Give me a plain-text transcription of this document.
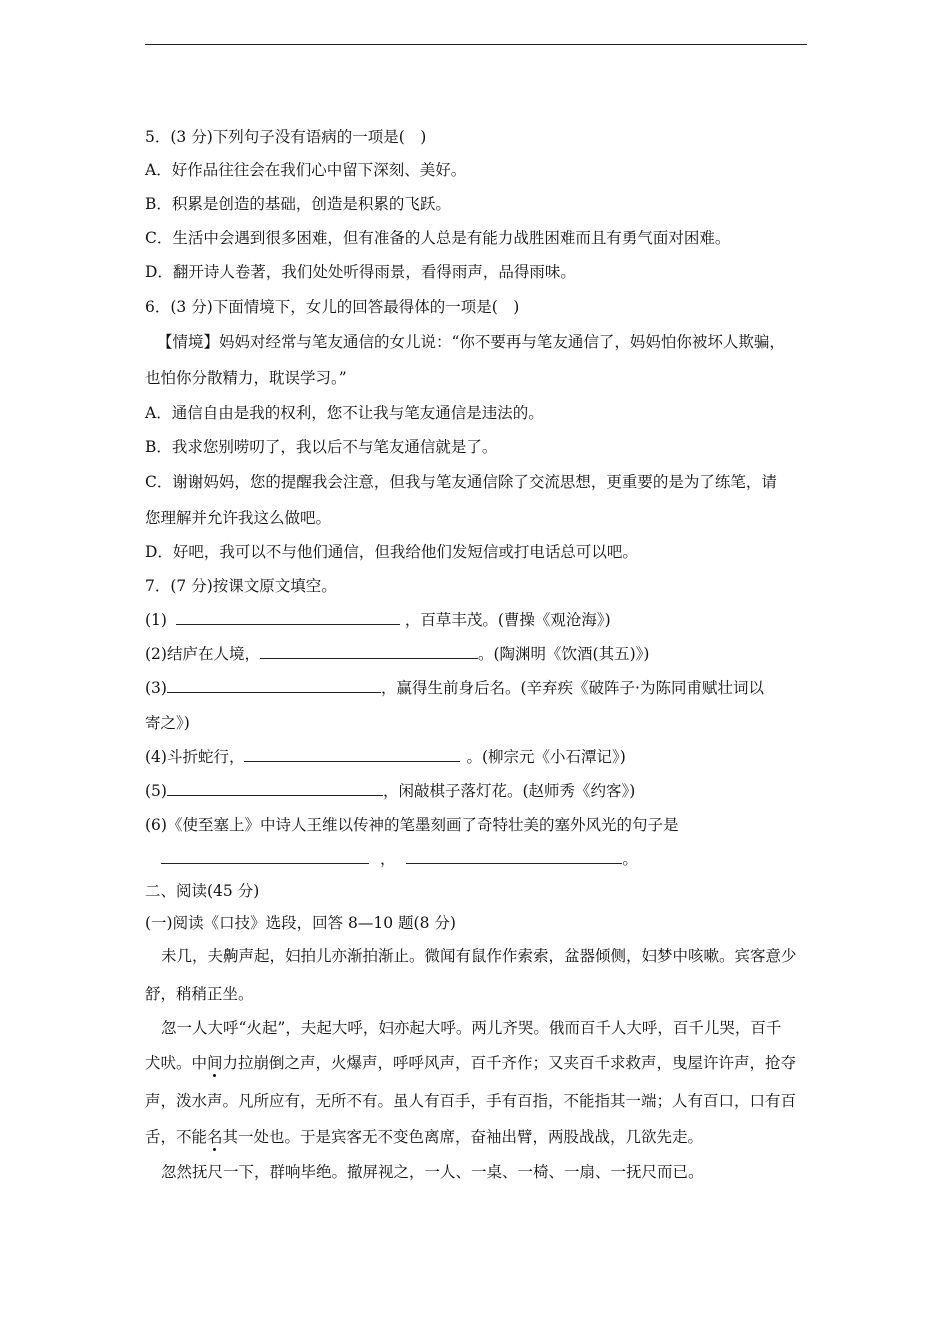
5．(3 分)下列句子没有语病的一项是(　)
A．好作品往往会在我们心中留下深刻、美好。
B．积累是创造的基础，创造是积累的飞跃。
C．生活中会遇到很多困难，但有准备的人总是有能力战胜困难而且有勇气面对困难。
D．翻开诗人卷著，我们处处听得雨景，看得雨声，品得雨味。
6．(3 分)下面情境下，女儿的回答最得体的一项是(　)
【情境】妈妈对经常与笔友通信的女儿说：“你不要再与笔友通信了，妈妈怕你被坏人欺骗，
也怕你分散精力，耽误学习。”
A．通信自由是我的权利，您不让我与笔友通信是违法的。
B．我求您别唠叨了，我以后不与笔友通信就是了。
C．谢谢妈妈，您的提醒我会注意，但我与笔友通信除了交流思想，更重要的是为了练笔，请
您理解并允许我这么做吧。
D．好吧，我可以不与他们通信，但我给他们发短信或打电话总可以吧。
7．(7 分)按课文原文填空。
(1)	，百草丰茂。(曹操《观沧海》)
(2)结庐在人境，	。(陶渊明《饮酒(其五)》)
(3)	，赢得生前身后名。(辛弃疾《破阵子·为陈同甫赋壮词以
寄之》)
(4)斗折蛇行，	。(柳宗元《小石潭记》)
(5)	，闲敲棋子落灯花。(赵师秀《约客》)
(6)《使至塞上》中诗人王维以传神的笔墨刻画了奇特壮美的塞外风光的句子是
，	。
二、阅读(45 分)
(一)阅读《口技》选段，回答 8—10 题(8 分)
未几，夫齁声起，妇拍儿亦渐拍渐止。微闻有鼠作作索索，盆器倾侧，妇梦中咳嗽。宾客意少
舒，稍稍正坐。
忽一人大呼“火起”，夫起大呼，妇亦起大呼。两儿齐哭。俄而百千人大呼，百千儿哭，百千
犬吠。中间力拉崩倒之声，火爆声，呼呼风声，百千齐作；又夹百千求救声，曳屋许许声，抢夺
声，泼水声。凡所应有，无所不有。虽人有百手，手有百指，不能指其一端；人有百口，口有百
舌，不能名其一处也。于是宾客无不变色离席，奋袖出臂，两股战战，几欲先走。
忽然抚尺一下，群响毕绝。撤屏视之，一人、一桌、一椅、一扇、一抚尺而已。
